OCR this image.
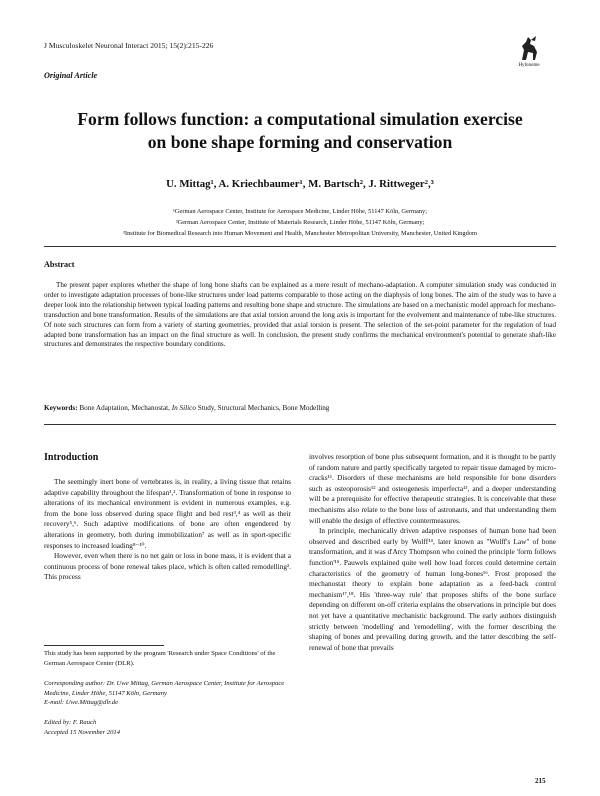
J Musculoskelet Neuronal Interact 2015; 15(2):215-226
Original Article
Hylonome
Form follows function: a computational simulation exercise
on bone shape forming and conservation
U. Mittag¹, A. Kriechbaumer¹, M. Bartsch², J. Rittweger²,³
¹German Aerospace Center, Institute for Aerospace Medicine, Linder Höhe, 51147 Köln, Germany;
²German Aerospace Center, Institute of Materials Research, Linder Höhe, 51147 Köln, Germany;
³Institute for Biomedical Research into Human Movement and Health, Manchester Metropolitan University, Manchester, United Kingdom
Abstract
The present paper explores whether the shape of long bone shafts can be explained as a mere result of mechano-adaptation. A computer simulation study was conducted in order to investigate adaptation processes of bone-like structures under load patterns comparable to those acting on the diaphysis of long bones. The aim of the study was to have a deeper look into the relationship between typical loading patterns and resulting bone shape and structure. The simulations are based on a mechanistic model approach for mechano-transduction and bone transformation. Results of the simulations are that axial torsion around the long axis is important for the evolvement and maintenance of tube-like structures. Of note such structures can form from a variety of starting geometries, provided that axial torsion is present. The selection of the set-point parameter for the regulation of load adapted bone transformation has an impact on the final structure as well. In conclusion, the present study confirms the mechanical environment's potential to generate shaft-like structures and demonstrates the respective boundary conditions.
Keywords: Bone Adaptation, Mechanostat, In Silico Study, Structural Mechanics, Bone Modelling
Introduction

The seemingly inert bone of vertebrates is, in reality, a living tissue that retains adaptive capability throughout the lifespan¹,². Transformation of bone in response to alterations of its mechanical environment is evident in numerous examples, e.g. from the bone loss observed during space flight and bed rest³,⁴ as well as their recovery⁵,⁶. Such adaptive modifications of bone are often engendered by alterations in geometry, both during immobilization⁷ as well as in sport-specific responses to increased loading⁸⁻¹⁰.

However, even when there is no net gain or loss in bone mass, it is evident that a continuous process of bone renewal takes place, which is often called remodelling². This process

This study has been supported by the program 'Research under Space Conditions' of the German Aerospace Center (DLR).
Corresponding author: Dr. Uwe Mittag, German Aerospace Center, Institute for Aerospace Medicine, Linder Höhe, 51147 Köln, Germany
E-mail: Uwe.Mittag@dlr.de
Edited by: F. Rauch
Accepted 15 November 2014

involves resorption of bone plus subsequent formation, and it is thought to be partly of random nature and partly specifically targeted to repair tissue damaged by micro-cracks¹¹. Disorders of these mechanisms are held responsible for bone disorders such as osteoporosis¹² and osteogenesis imperfecta¹³, and a deeper understanding will be a prerequisite for effective therapeutic strategies. It is conceivable that these mechanisms also relate to the bone loss of astronauts, and that understanding them will enable the design of effective countermeasures.

In principle, mechanically driven adaptive responses of human bone had been observed and described early by Wolff¹⁴, later known as "Wolff's Law" of bone transformation, and it was d'Arcy Thompson who coined the principle 'form follows function'¹⁵. Pauwels explained quite well how load forces could determine certain characteristics of the geometry of human long-bones¹⁶. Frost proposed the mechanostat theory to explain bone adaptation as a feed-back control mechanism¹⁷,¹⁸. His 'three-way rule' that proposes shifts of the bone surface depending on different on-off criteria explains the observations in principle but does not yet have a quantitative mechanistic background. The early authors distinguish strictly between 'modelling' and 'remodelling', with the former describing the shaping of bones and prevailing during growth, and the latter describing the self-renewal of bone that prevails

215
